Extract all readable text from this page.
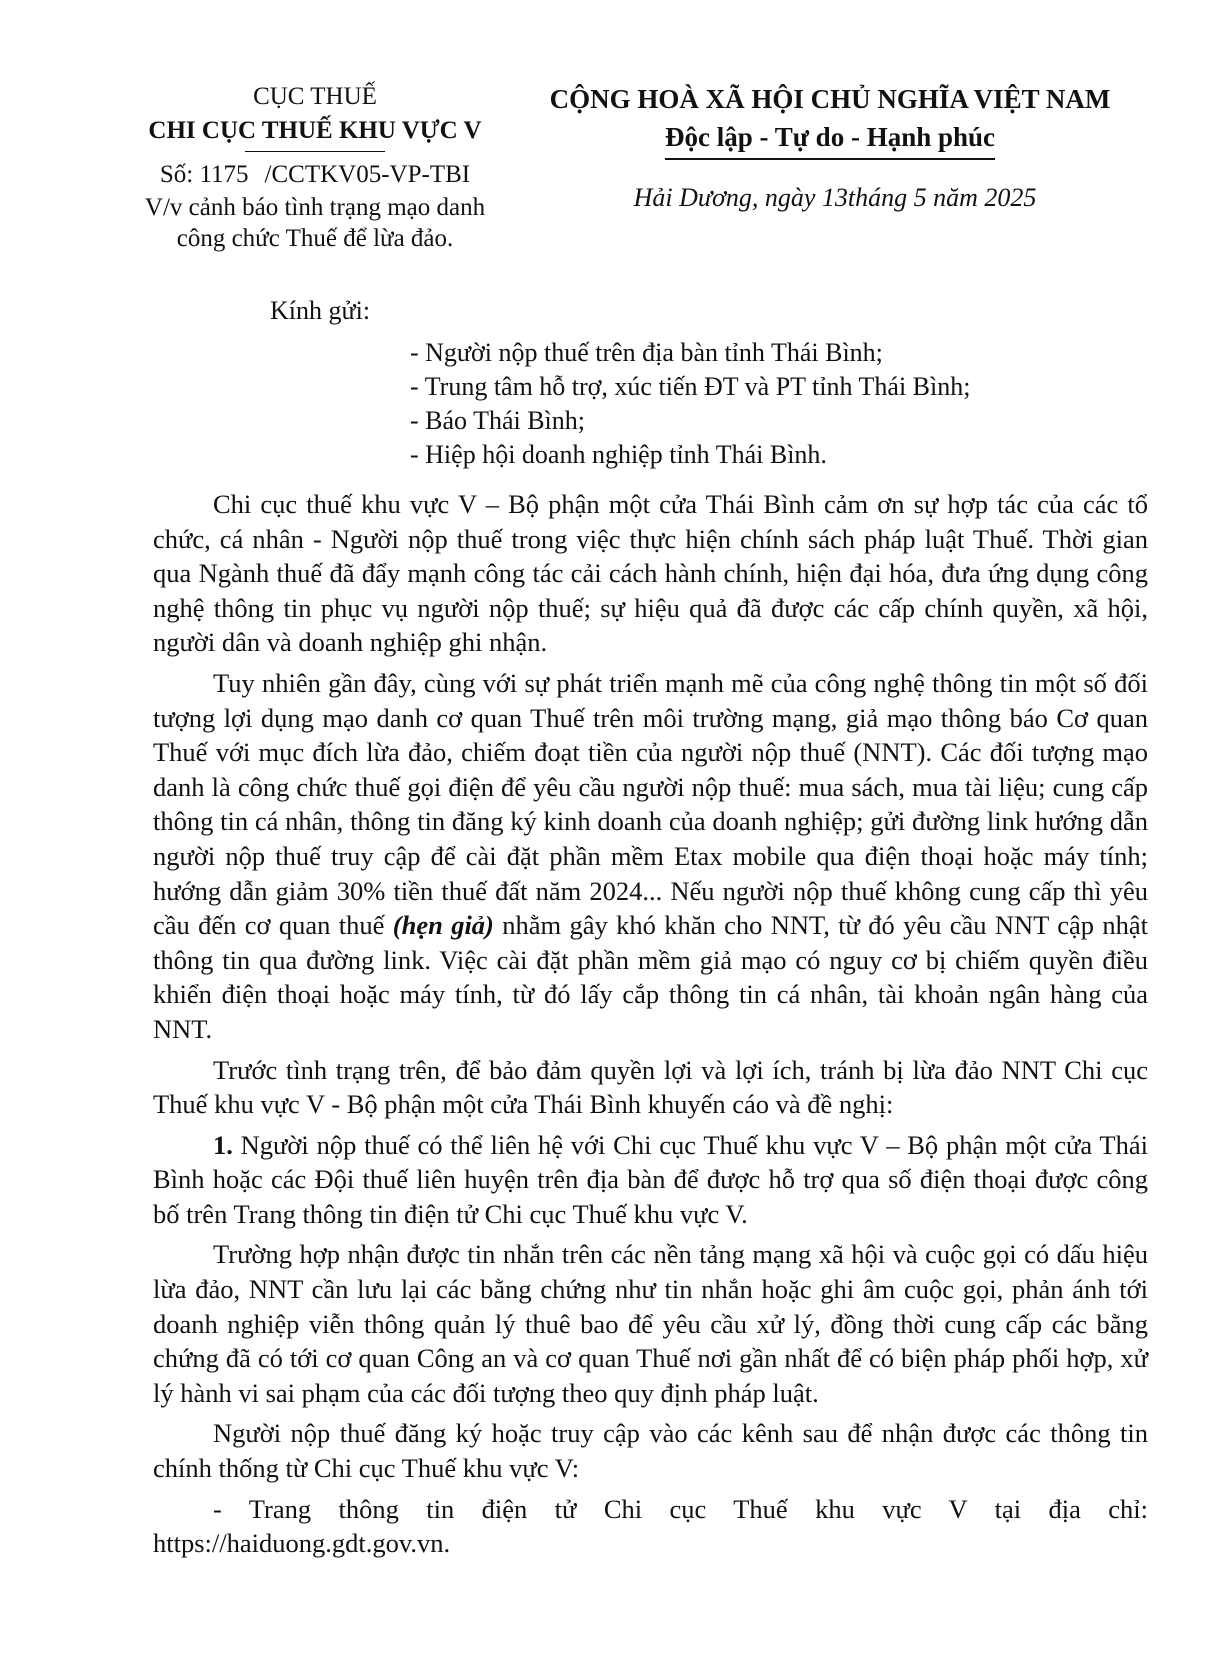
CỤC THUẾ
CHI CỤC THUẾ KHU VỰC V
Số: 1175 /CCTKV05-VP-TBI
V/v cảnh báo tình trạng mạo danh
công chức Thuế để lừa đảo.
CỘNG HOÀ XÃ HỘI CHỦ NGHĨA VIỆT NAM
Độc lập - Tự do - Hạnh phúc
Hải Dương, ngày 13tháng 5 năm 2025
Kính gửi:
- Người nộp thuế trên địa bàn tỉnh Thái Bình;
- Trung tâm hỗ trợ, xúc tiến ĐT và PT tỉnh Thái Bình;
- Báo Thái Bình;
- Hiệp hội doanh nghiệp tỉnh Thái Bình.

Chi cục thuế khu vực V – Bộ phận một cửa Thái Bình cảm ơn sự hợp tác của các tổ chức, cá nhân - Người nộp thuế trong việc thực hiện chính sách pháp luật Thuế. Thời gian qua Ngành thuế đã đẩy mạnh công tác cải cách hành chính, hiện đại hóa, đưa ứng dụng công nghệ thông tin phục vụ người nộp thuế; sự hiệu quả đã được các cấp chính quyền, xã hội, người dân và doanh nghiệp ghi nhận.

Tuy nhiên gần đây, cùng với sự phát triển mạnh mẽ của công nghệ thông tin một số đối tượng lợi dụng mạo danh cơ quan Thuế trên môi trường mạng, giả mạo thông báo Cơ quan Thuế với mục đích lừa đảo, chiếm đoạt tiền của người nộp thuế (NNT). Các đối tượng mạo danh là công chức thuế gọi điện để yêu cầu người nộp thuế: mua sách, mua tài liệu; cung cấp thông tin cá nhân, thông tin đăng ký kinh doanh của doanh nghiệp; gửi đường link hướng dẫn người nộp thuế truy cập để cài đặt phần mềm Etax mobile qua điện thoại hoặc máy tính; hướng dẫn giảm 30% tiền thuế đất năm 2024... Nếu người nộp thuế không cung cấp thì yêu cầu đến cơ quan thuế (hẹn giả) nhằm gây khó khăn cho NNT, từ đó yêu cầu NNT cập nhật thông tin qua đường link. Việc cài đặt phần mềm giả mạo có nguy cơ bị chiếm quyền điều khiển điện thoại hoặc máy tính, từ đó lấy cắp thông tin cá nhân, tài khoản ngân hàng của NNT.

Trước tình trạng trên, để bảo đảm quyền lợi và lợi ích, tránh bị lừa đảo NNT Chi cục Thuế khu vực V - Bộ phận một cửa Thái Bình khuyến cáo và đề nghị:

1. Người nộp thuế có thể liên hệ với Chi cục Thuế khu vực V – Bộ phận một cửa Thái Bình hoặc các Đội thuế liên huyện trên địa bàn để được hỗ trợ qua số điện thoại được công bố trên Trang thông tin điện tử Chi cục Thuế khu vực V.

Trường hợp nhận được tin nhắn trên các nền tảng mạng xã hội và cuộc gọi có dấu hiệu lừa đảo, NNT cần lưu lại các bằng chứng như tin nhắn hoặc ghi âm cuộc gọi, phản ánh tới doanh nghiệp viễn thông quản lý thuê bao để yêu cầu xử lý, đồng thời cung cấp các bằng chứng đã có tới cơ quan Công an và cơ quan Thuế nơi gần nhất để có biện pháp phối hợp, xử lý hành vi sai phạm của các đối tượng theo quy định pháp luật.

Người nộp thuế đăng ký hoặc truy cập vào các kênh sau để nhận được các thông tin chính thống từ Chi cục Thuế khu vực V:

- Trang thông tin điện tử Chi cục Thuế khu vực V tại địa chỉ: https://haiduong.gdt.gov.vn.
